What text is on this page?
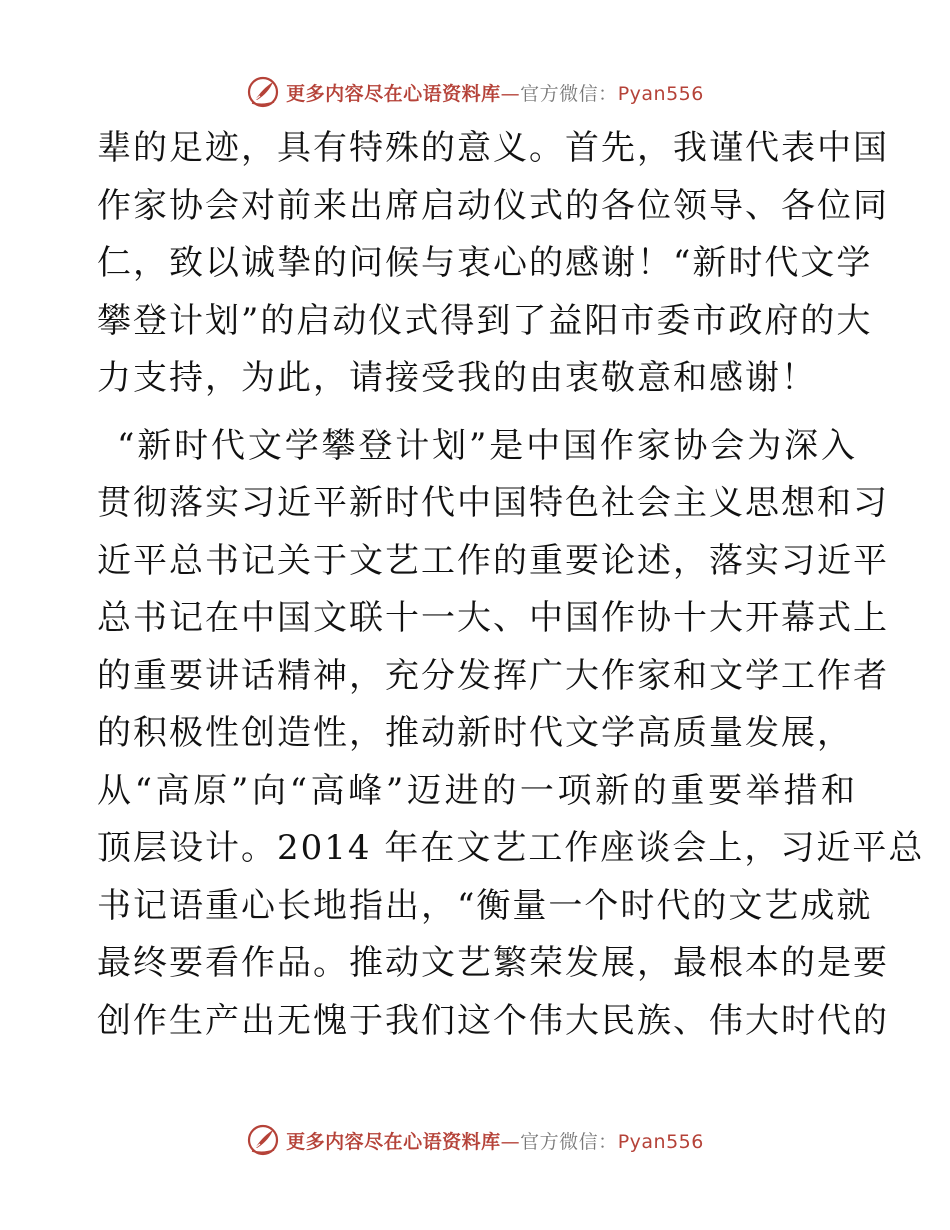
更多内容尽在心语资料库—官方微信：Pyan556

辈的足迹，具有特殊的意义。首先，我谨代表中国
作家协会对前来出席启动仪式的各位领导、各位同
仁，致以诚挚的问候与衷心的感谢！“新时代文学
攀登计划”的启动仪式得到了益阳市委市政府的大
力支持，为此，请接受我的由衷敬意和感谢！

“新时代文学攀登计划”是中国作家协会为深入
贯彻落实习近平新时代中国特色社会主义思想和习
近平总书记关于文艺工作的重要论述，落实习近平
总书记在中国文联十一大、中国作协十大开幕式上
的重要讲话精神，充分发挥广大作家和文学工作者
的积极性创造性，推动新时代文学高质量发展，
从“高原”向“高峰”迈进的一项新的重要举措和
顶层设计。2014 年在文艺工作座谈会上，习近平总
书记语重心长地指出，“衡量一个时代的文艺成就
最终要看作品。推动文艺繁荣发展，最根本的是要
创作生产出无愧于我们这个伟大民族、伟大时代的

更多内容尽在心语资料库—官方微信：Pyan556
